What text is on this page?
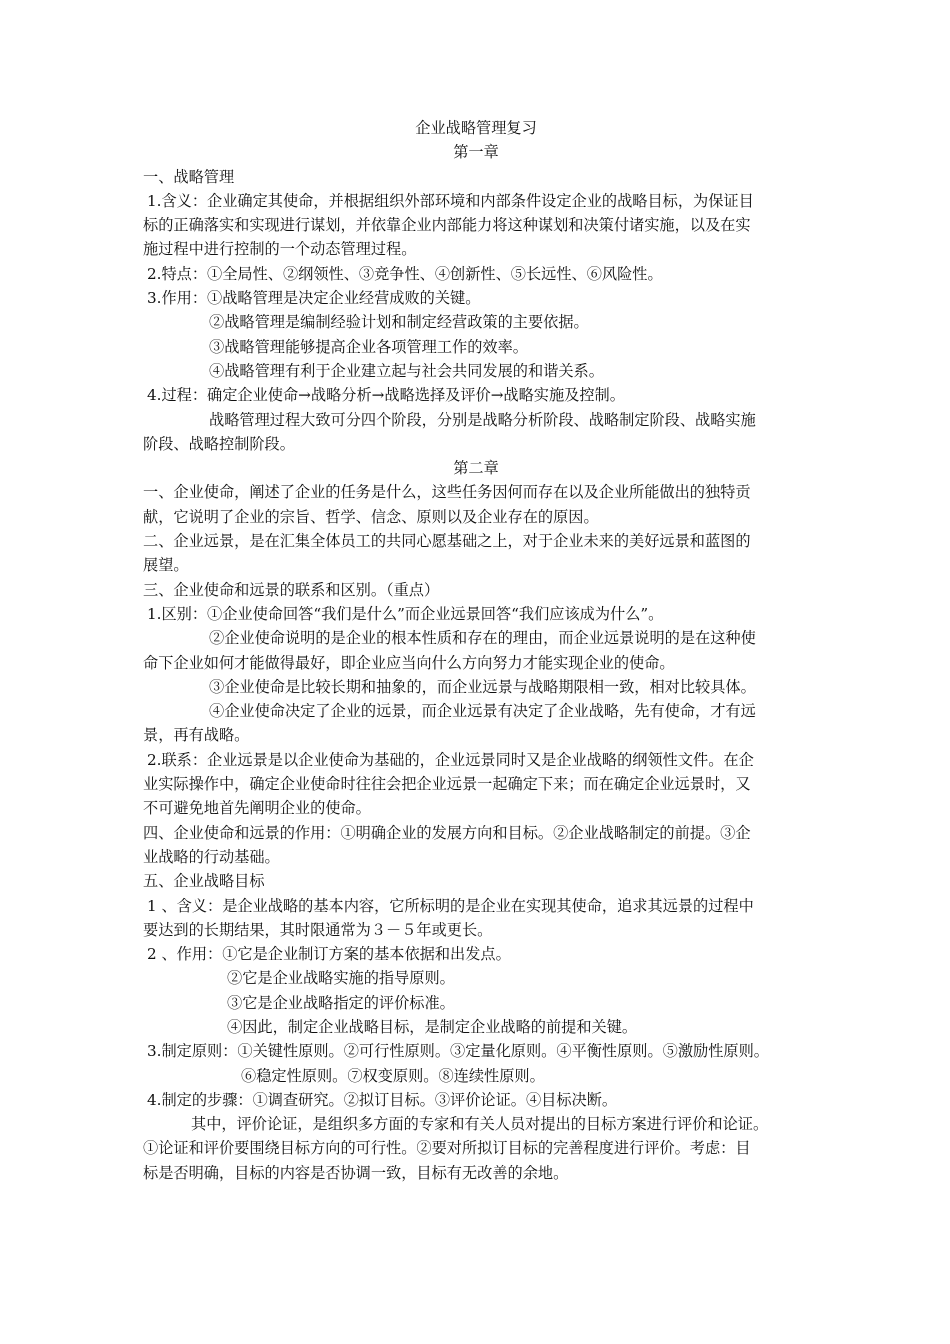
企业战略管理复习
第一章
一、战略管理
1.含义：企业确定其使命，并根据组织外部环境和内部条件设定企业的战略目标，为保证目
标的正确落实和实现进行谋划，并依靠企业内部能力将这种谋划和决策付诸实施，以及在实
施过程中进行控制的一个动态管理过程。
2.特点：①全局性、②纲领性、③竞争性、④创新性、⑤长远性、⑥风险性。
3.作用：①战略管理是决定企业经营成败的关键。
②战略管理是编制经验计划和制定经营政策的主要依据。
③战略管理能够提高企业各项管理工作的效率。
④战略管理有利于企业建立起与社会共同发展的和谐关系。
4.过程：确定企业使命→战略分析→战略选择及评价→战略实施及控制。
战略管理过程大致可分四个阶段，分别是战略分析阶段、战略制定阶段、战略实施
阶段、战略控制阶段。
第二章
一、企业使命，阐述了企业的任务是什么，这些任务因何而存在以及企业所能做出的独特贡
献，它说明了企业的宗旨、哲学、信念、原则以及企业存在的原因。
二、企业远景，是在汇集全体员工的共同心愿基础之上，对于企业未来的美好远景和蓝图的
展望。
三、企业使命和远景的联系和区别。（重点）
1.区别：①企业使命回答“我们是什么”而企业远景回答“我们应该成为什么”。
②企业使命说明的是企业的根本性质和存在的理由，而企业远景说明的是在这种使
命下企业如何才能做得最好，即企业应当向什么方向努力才能实现企业的使命。
③企业使命是比较长期和抽象的，而企业远景与战略期限相一致，相对比较具体。
④企业使命决定了企业的远景，而企业远景有决定了企业战略，先有使命，才有远
景，再有战略。
2.联系：企业远景是以企业使命为基础的，企业远景同时又是企业战略的纲领性文件。在企
业实际操作中，确定企业使命时往往会把企业远景一起确定下来；而在确定企业远景时，又
不可避免地首先阐明企业的使命。
四、企业使命和远景的作用：①明确企业的发展方向和目标。②企业战略制定的前提。③企
业战略的行动基础。
五、企业战略目标
1 、含义：是企业战略的基本内容，它所标明的是企业在实现其使命，追求其远景的过程中
要达到的长期结果，其时限通常为３－５年或更长。
2 、作用：①它是企业制订方案的基本依据和出发点。
②它是企业战略实施的指导原则。
③它是企业战略指定的评价标准。
④因此，制定企业战略目标，是制定企业战略的前提和关键。
3.制定原则：①关键性原则。②可行性原则。③定量化原则。④平衡性原则。⑤激励性原则。
⑥稳定性原则。⑦权变原则。⑧连续性原则。
4.制定的步骤：①调查研究。②拟订目标。③评价论证。④目标决断。
其中，评价论证，是组织多方面的专家和有关人员对提出的目标方案进行评价和论证。
①论证和评价要围绕目标方向的可行性。②要对所拟订目标的完善程度进行评价。考虑：目
标是否明确，目标的内容是否协调一致，目标有无改善的余地。
